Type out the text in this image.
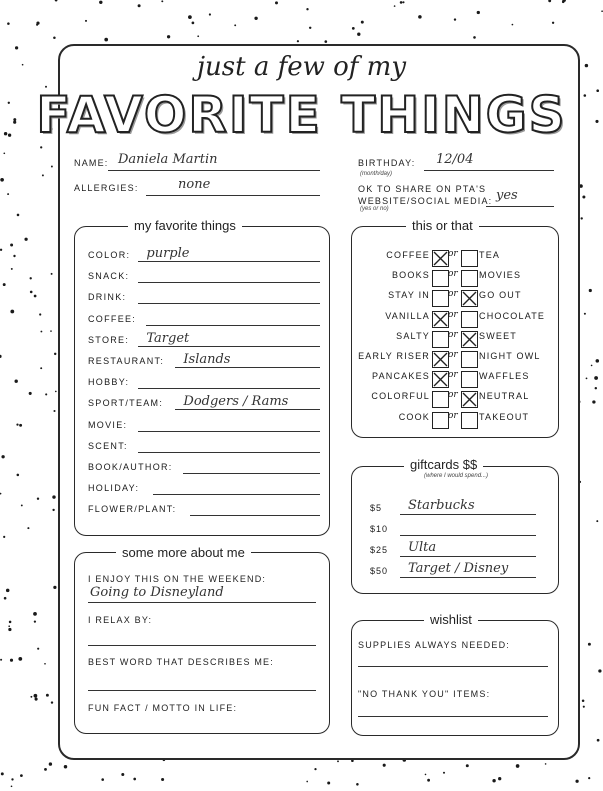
just a few of my
FAVORITE THINGS
NAME: Daniela Martin
ALLERGIES:	none
BIRTHDAY: 12/04
(month/day)
OK TO SHARE ON PTA'S
WEBSITE/SOCIAL MEDIA:
(yes or no)
yes
my favorite things
COLOR: purple
SNACK:
DRINK:
COFFEE:
STORE: Target
RESTAURANT: Islands
HOBBY:
SPORT/TEAM: Dodgers / Rams
MOVIE:
SCENT:
BOOK/AUTHOR:
HOLIDAY:
FLOWER/PLANT:
this or that
COFFEE or TEA
BOOKS or MOVIES
STAY IN or GO OUT
VANILLA or CHOCOLATE
SALTY or SWEET
EARLY RISER or NIGHT OWL
PANCAKES or WAFFLES
COLORFUL or NEUTRAL
COOK or TAKEOUT
giftcards $$
(where I would spend...)
$5 Starbucks
$10
$25 Ulta
$50 Target / Disney
some more about me
I ENJOY THIS ON THE WEEKEND:
Going to Disneyland
I RELAX BY:
BEST WORD THAT DESCRIBES ME:
FUN FACT / MOTTO IN LIFE:
wishlist
SUPPLIES ALWAYS NEEDED:
"NO THANK YOU" ITEMS:
